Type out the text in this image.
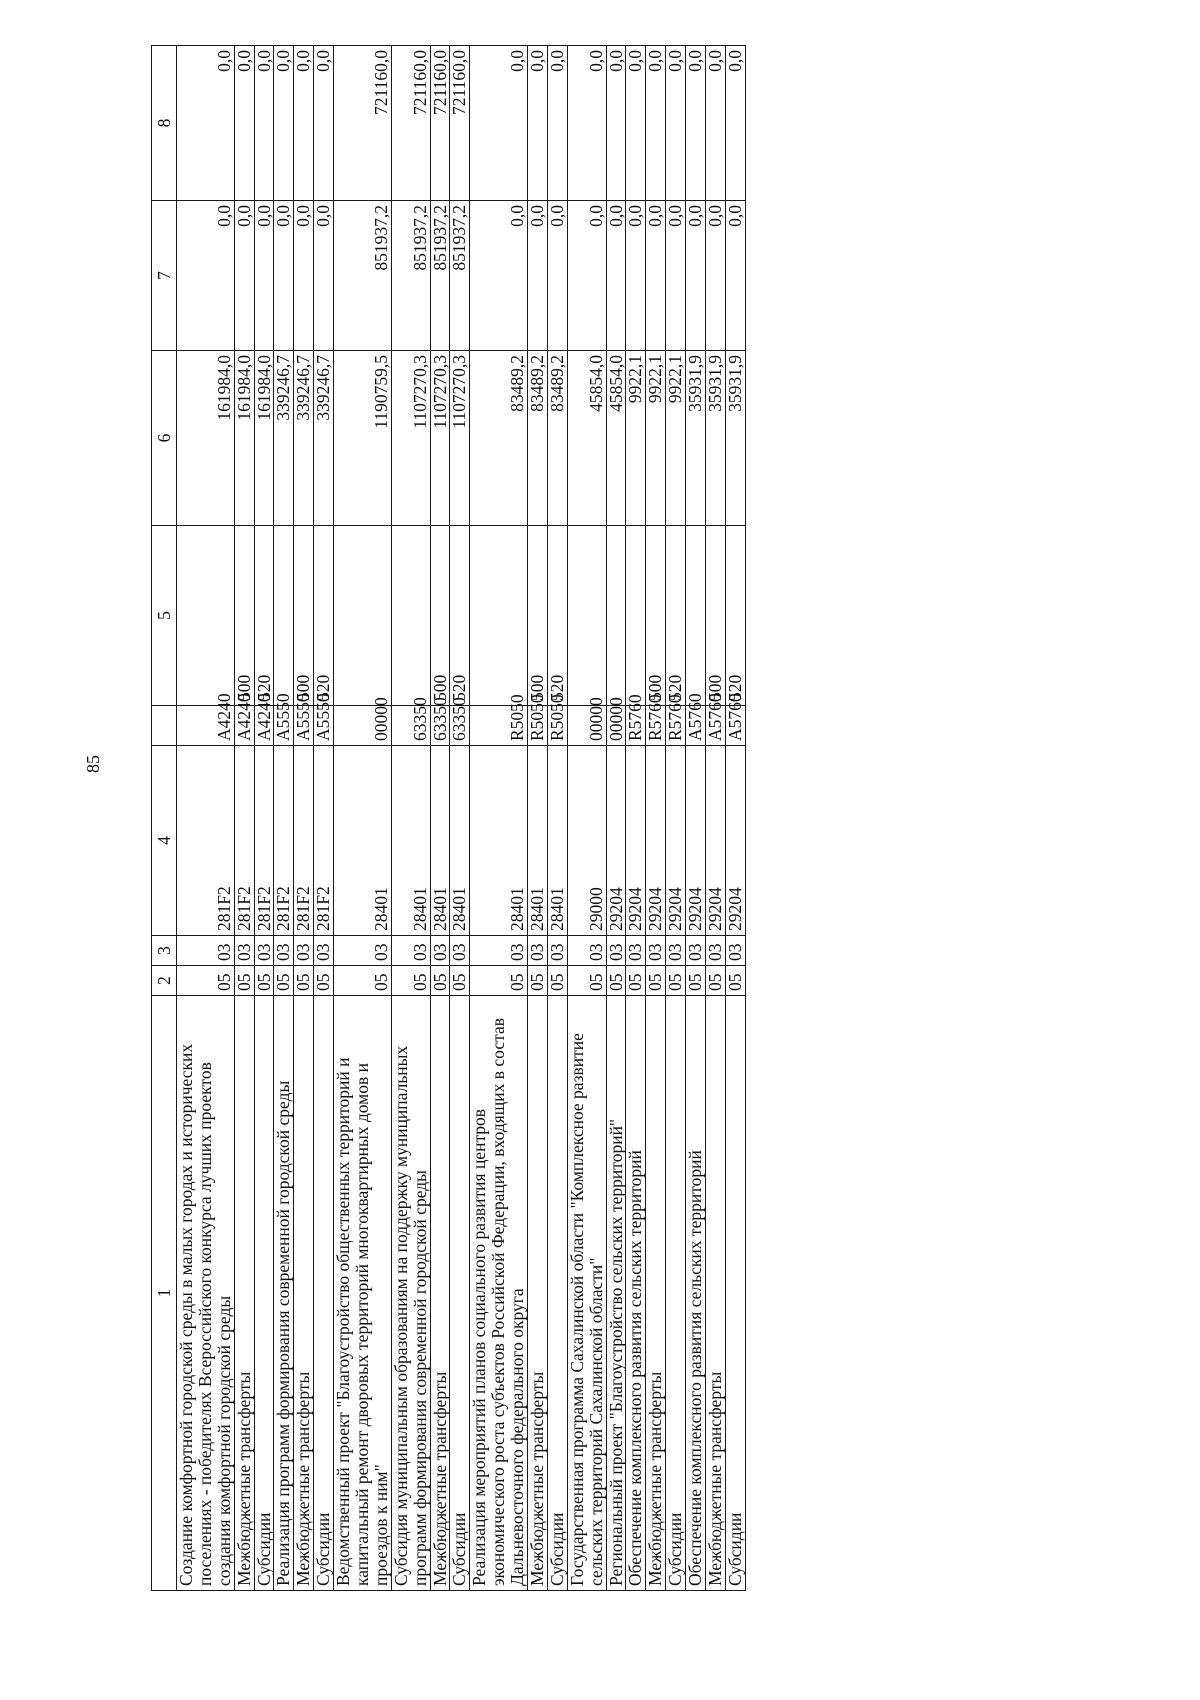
85
1	2	3	4		5	6	7	8
Создание комфортной городской среды в малых городах и исторических поселениях - победителях Всероссийского конкурса лучших проектов создания комфортной городской среды	05	03	281F2	A4240		161984,0	0,0	0,0
Межбюджетные трансферты	05	03	281F2	A4240	500	161984,0	0,0	0,0
Субсидии	05	03	281F2	A4240	520	161984,0	0,0	0,0
Реализация программ формирования современной городской среды	05	03	281F2	A5550		339246,7	0,0	0,0
Межбюджетные трансферты	05	03	281F2	A5550	500	339246,7	0,0	0,0
Субсидии	05	03	281F2	A5550	520	339246,7	0,0	0,0
Ведомственный проект "Благоустройство общественных территорий и капитальный ремонт дворовых территорий многоквартирных домов и проездов к ним"	05	03	28401	00000		1190759,5	851937,2	721160,0
Субсидия муниципальным образованиям на поддержку муниципальных программ формирования современной городской среды	05	03	28401	63350		1107270,3	851937,2	721160,0
Межбюджетные трансферты	05	03	28401	63350	500	1107270,3	851937,2	721160,0
Субсидии	05	03	28401	63350	520	1107270,3	851937,2	721160,0
Реализация мероприятий планов социального развития центров экономического роста субъектов Российской Федерации, входящих в состав Дальневосточного федерального округа	05	03	28401	R5050		83489,2	0,0	0,0
Межбюджетные трансферты	05	03	28401	R5050	500	83489,2	0,0	0,0
Субсидии	05	03	28401	R5050	520	83489,2	0,0	0,0
Государственная программа Сахалинской области "Комплексное развитие сельских территорий Сахалинской области"	05	03	29000	00000		45854,0	0,0	0,0
Региональный проект "Благоустройство сельских территорий"	05	03	29204	00000		45854,0	0,0	0,0
Обеспечение комплексного развития сельских территорий	05	03	29204	R5760		9922,1	0,0	0,0
Межбюджетные трансферты	05	03	29204	R5760	500	9922,1	0,0	0,0
Субсидии	05	03	29204	R5760	520	9922,1	0,0	0,0
Обеспечение комплексного развития сельских территорий	05	03	29204	A5760		35931,9	0,0	0,0
Межбюджетные трансферты	05	03	29204	A5760	500	35931,9	0,0	0,0
Субсидии	05	03	29204	A5760	520	35931,9	0,0	0,0
